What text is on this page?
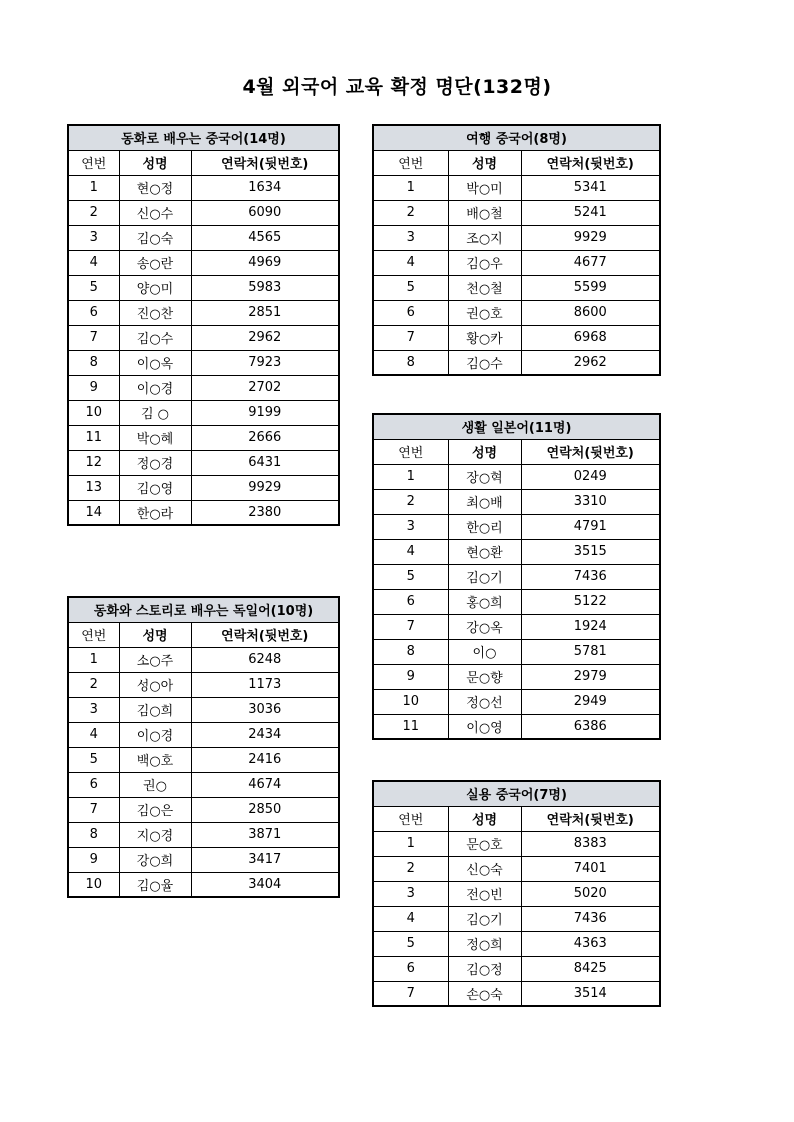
4월 외국어 교육 확정 명단(132명)
동화로 배우는 중국어(14명)		
연번	성명	연락처(뒷번호)
1	현○정	1634
2	신○수	6090
3	김○숙	4565
4	송○란	4969
5	양○미	5983
6	진○찬	2851
7	김○수	2962
8	이○옥	7923
9	이○경	2702
10	김 ○	9199
11	박○혜	2666
12	정○경	6431
13	김○영	9929
14	한○라	2380
동화와 스토리로 배우는 독일어(10명)		
연번	성명	연락처(뒷번호)
1	소○주	6248
2	성○아	1173
3	김○희	3036
4	이○경	2434
5	백○호	2416
6	권○	4674
7	김○은	2850
8	지○경	3871
9	강○희	3417
10	김○율	3404
여행 중국어(8명)		
연번	성명	연락처(뒷번호)
1	박○미	5341
2	배○철	5241
3	조○지	9929
4	김○우	4677
5	천○철	5599
6	권○호	8600
7	황○카	6968
8	김○수	2962
생활 일본어(11명)		
연번	성명	연락처(뒷번호)
1	장○혁	0249
2	최○배	3310
3	한○리	4791
4	현○환	3515
5	김○기	7436
6	홍○희	5122
7	강○옥	1924
8	이○	5781
9	문○향	2979
10	정○선	2949
11	이○영	6386
실용 중국어(7명)		
연번	성명	연락처(뒷번호)
1	문○호	8383
2	신○숙	7401
3	전○빈	5020
4	김○기	7436
5	정○희	4363
6	김○정	8425
7	손○숙	3514
